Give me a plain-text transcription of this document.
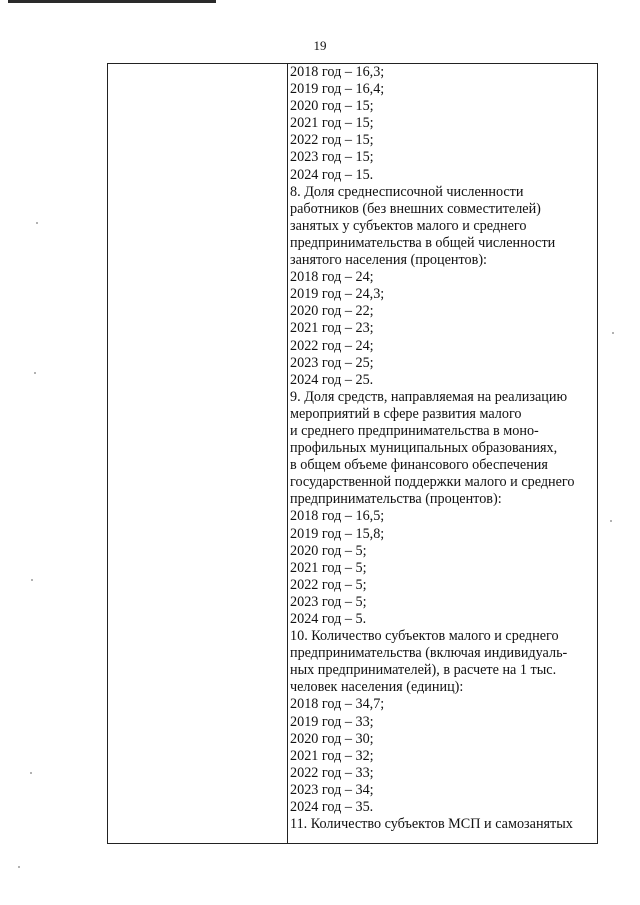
19
2018 год – 16,3;
2019 год – 16,4;
2020 год – 15;
2021 год – 15;
2022 год – 15;
2023 год – 15;
2024 год – 15.
8. Доля среднесписочной численности
работников (без внешних совместителей)
занятых у субъектов малого и среднего
предпринимательства в общей численности
занятого населения (процентов):
2018 год – 24;
2019 год – 24,3;
2020 год – 22;
2021 год – 23;
2022 год – 24;
2023 год – 25;
2024 год – 25.
9. Доля средств, направляемая на реализацию
мероприятий в сфере развития малого
и среднего предпринимательства в моно-
профильных муниципальных образованиях,
в общем объеме финансового обеспечения
государственной поддержки малого и среднего
предпринимательства (процентов):
2018 год – 16,5;
2019 год – 15,8;
2020 год – 5;
2021 год – 5;
2022 год – 5;
2023 год – 5;
2024 год – 5.
10. Количество субъектов малого и среднего
предпринимательства (включая индивидуаль-
ных предпринимателей), в расчете на 1 тыс.
человек населения (единиц):
2018 год – 34,7;
2019 год – 33;
2020 год – 30;
2021 год – 32;
2022 год – 33;
2023 год – 34;
2024 год – 35.
11. Количество субъектов МСП и самозанятых
